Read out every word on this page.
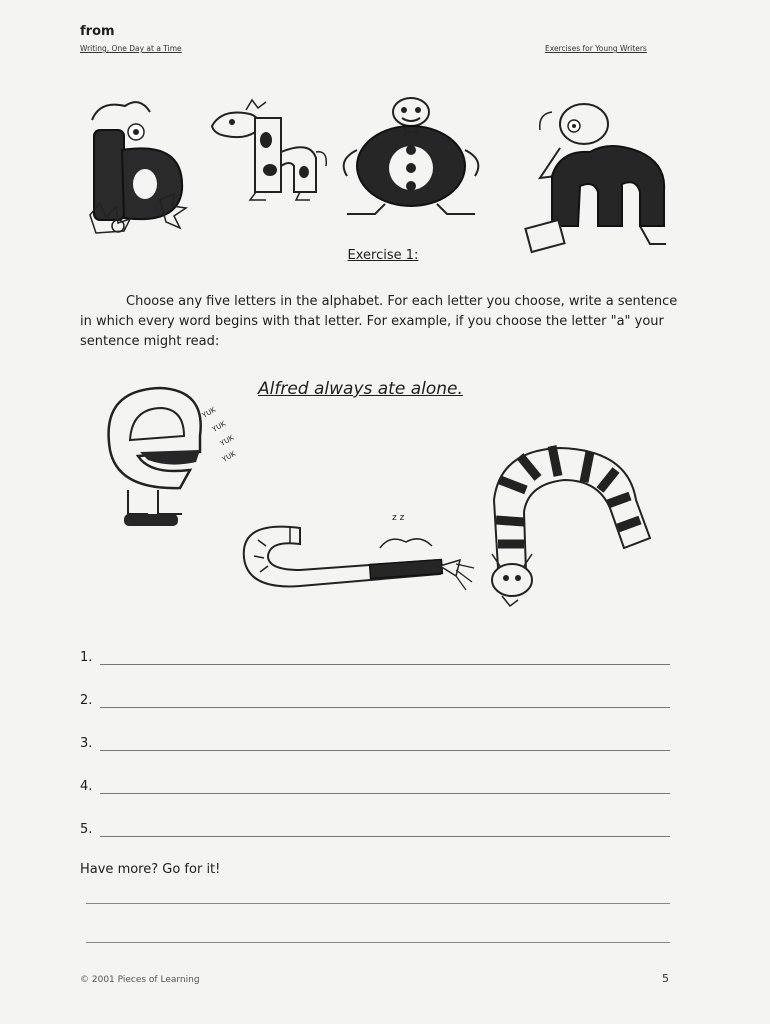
from
Writing, One Day at a Time	Exercises for Young Writers
YUK
YUK
YUK
YUK
z z
Exercise 1:

Choose any five letters in the alphabet. For each letter you choose, write a sentence in which every word begins with that letter. For example, if you choose the letter "a" your sentence might read:

Alfred always ate alone.
1.
2.
3.
4.
5.
Have more? Go for it!
© 2001 Pieces of Learning	5
